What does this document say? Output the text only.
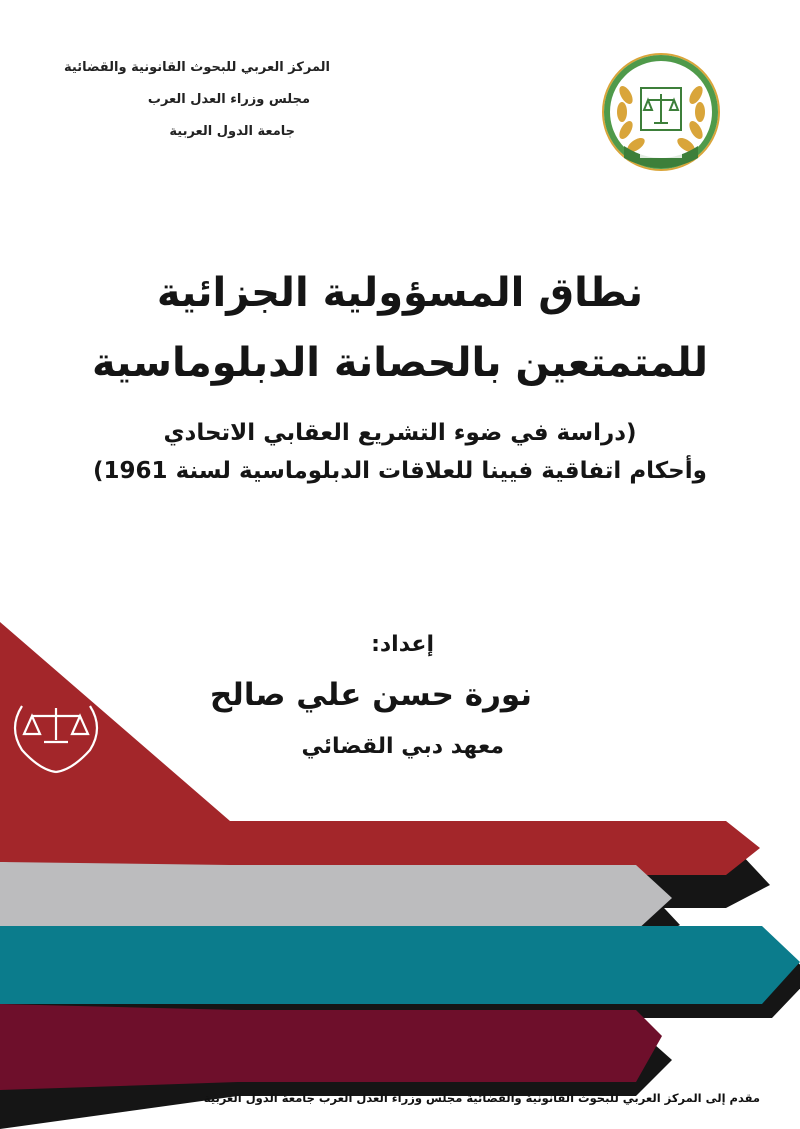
المركز العربي للبحوث القانونية والقضائية
مجلس وزراء العدل العرب
جامعة الدول العربية
نطاق المسؤولية الجزائية
للمتمتعين بالحصانة الدبلوماسية
(دراسة في ضوء التشريع العقابي الاتحادي
وأحكام اتفاقية فيينا للعلاقات الدبلوماسية لسنة 1961)
إعداد:
نورة حسن علي صالح
معهد دبي القضائي
مقدم إلى المركز العربي للبحوث القانونية والقضائية مجلس وزراء العدل العرب جامعة الدول العربية
